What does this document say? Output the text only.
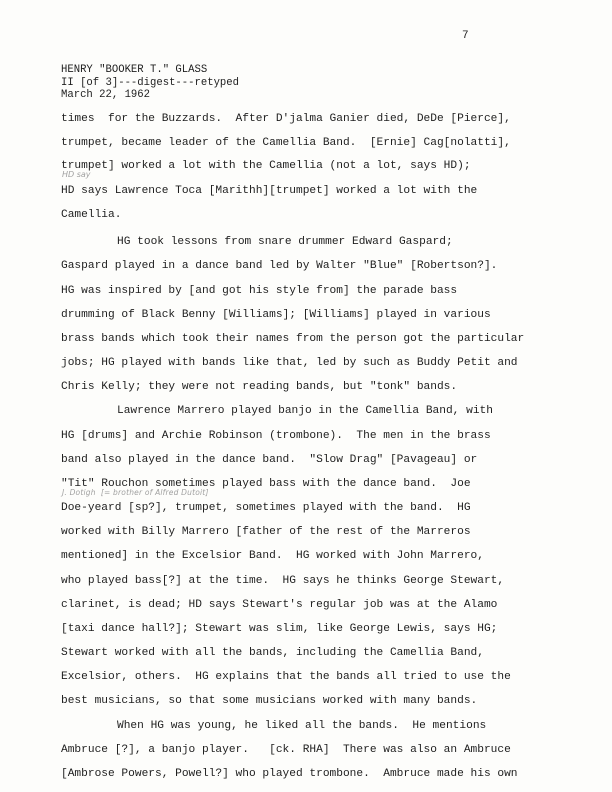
7
HENRY "BOOKER T." GLASS
II [of 3]---digest---retyped
March 22, 1962
times  for the Buzzards.  After D'jalma Ganier died, DeDe [Pierce],
trumpet, became leader of the Camellia Band.  [Ernie] Cag[nolatti],
trumpet] worked a lot with the Camellia (not a lot, says HD);
HD say
HD says Lawrence Toca [Marithh][trumpet] worked a lot with the
Camellia.
HG took lessons from snare drummer Edward Gaspard;
Gaspard played in a dance band led by Walter "Blue" [Robertson?].
HG was inspired by [and got his style from] the parade bass
drumming of Black Benny [Williams]; [Williams] played in various
brass bands which took their names from the person got the particular
jobs; HG played with bands like that, led by such as Buddy Petit and
Chris Kelly; they were not reading bands, but "tonk" bands.
Lawrence Marrero played banjo in the Camellia Band, with
HG [drums] and Archie Robinson (trombone).  The men in the brass
band also played in the dance band.  "Slow Drag" [Pavageau] or
"Tit" Rouchon sometimes played bass with the dance band.  Joe
J. Dotigh  [= brother of Alfred Dutoit]
Doe-yeard [sp?], trumpet, sometimes played with the band.  HG
worked with Billy Marrero [father of the rest of the Marreros
mentioned] in the Excelsior Band.  HG worked with John Marrero,
who played bass[?] at the time.  HG says he thinks George Stewart,
clarinet, is dead; HD says Stewart's regular job was at the Alamo
[taxi dance hall?]; Stewart was slim, like George Lewis, says HG;
Stewart worked with all the bands, including the Camellia Band,
Excelsior, others.  HG explains that the bands all tried to use the
best musicians, so that some musicians worked with many bands.
When HG was young, he liked all the bands.  He mentions
Ambruce [?], a banjo player.   [ck. RHA]  There was also an Ambruce
[Ambrose Powers, Powell?] who played trombone.  Ambruce made his own
